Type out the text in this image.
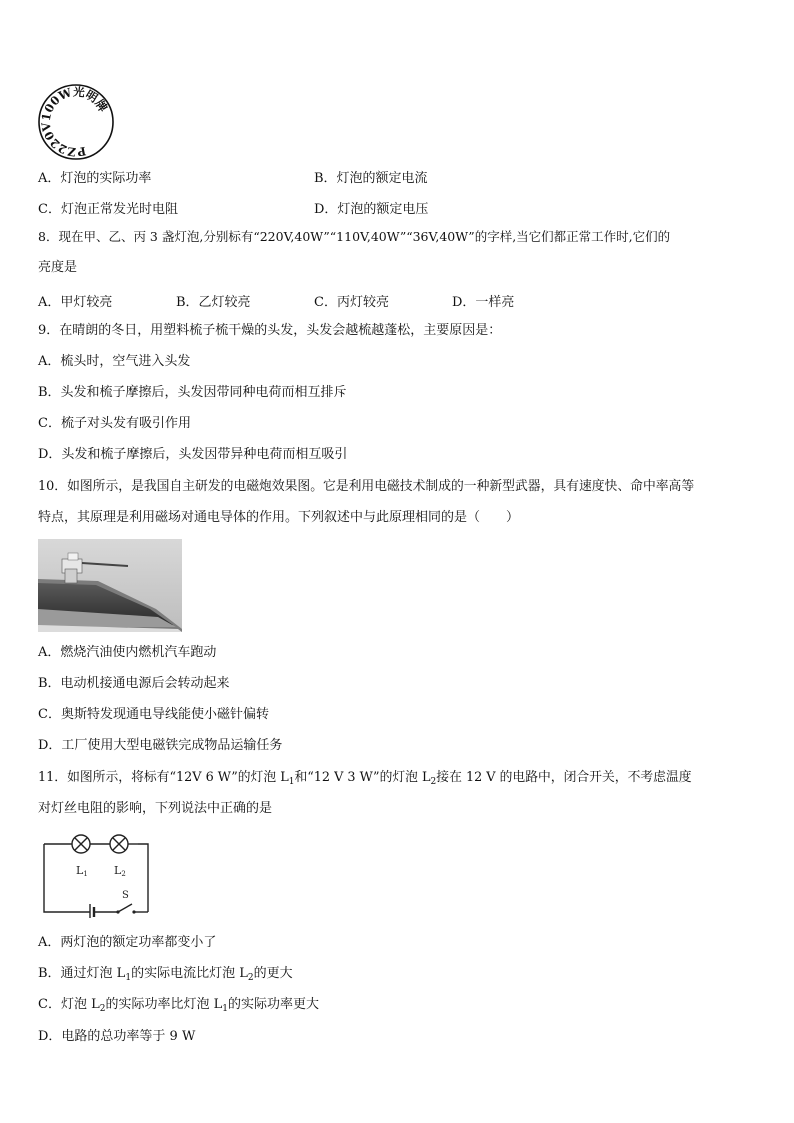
PZ220V100W光明牌
A．灯泡的实际功率	B．灯泡的额定电流
C．灯泡正常发光时电阻	D．灯泡的额定电压
8．现在甲、乙、丙 3 盏灯泡,分别标有“220V,40W”“110V,40W”“36V,40W”的字样,当它们都正常工作时,它们的
亮度是
A．甲灯较亮	B．乙灯较亮	C．丙灯较亮	D．一样亮
9．在晴朗的冬日，用塑料梳子梳干燥的头发，头发会越梳越蓬松，主要原因是：
A．梳头时，空气进入头发
B．头发和梳子摩擦后，头发因带同种电荷而相互排斥
C．梳子对头发有吸引作用
D．头发和梳子摩擦后，头发因带异种电荷而相互吸引
10．如图所示，是我国自主研发的电磁炮效果图。它是利用电磁技术制成的一种新型武器，具有速度快、命中率高等
特点，其原理是利用磁场对通电导体的作用。下列叙述中与此原理相同的是（　　）
A．燃烧汽油使内燃机汽车跑动
B．电动机接通电源后会转动起来
C．奥斯特发现通电导线能使小磁针偏转
D．工厂使用大型电磁铁完成物品运输任务
11．如图所示，将标有“12V 6 W”的灯泡 $L_1$和“12 V 3 W”的灯泡 $L_2$接在 12 V 的电路中，闭合开关，不考虑温度
对灯丝电阻的影响，下列说法中正确的是
L1 L2
S
A．两灯泡的额定功率都变小了
B．通过灯泡 $L_1$的实际电流比灯泡 $L_2$的更大
C．灯泡 $L_2$的实际功率比灯泡 $L_1$的实际功率更大
D．电路的总功率等于 9 W
